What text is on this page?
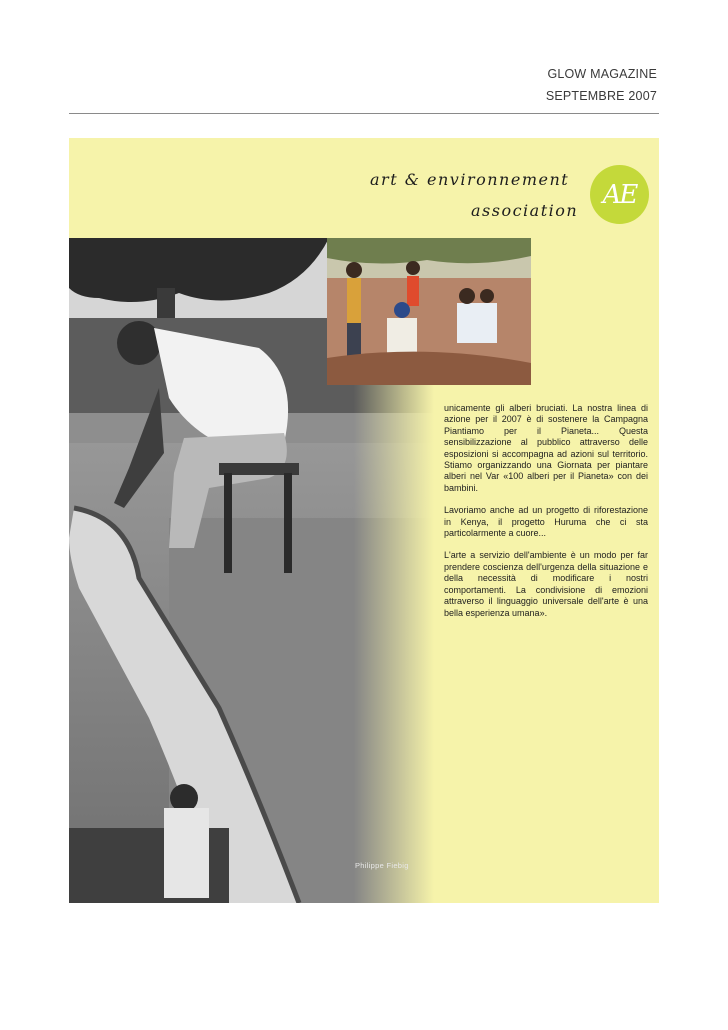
GLOW MAGAZINE
SEPTEMBRE 2007
art & environnement
association
AE
Philippe Fiebig

unicamente gli alberi bruciati. La nostra linea di azione per il 2007 è di sostenere la Campagna Piantiamo per il Pianeta... Questa sensibilizzazione al pubblico attraverso delle esposizioni si accompagna ad azioni sul territorio. Stiamo organizzando una Giornata per piantare alberi nel Var «100 alberi per il Pianeta» con dei bambini.

Lavoriamo anche ad un progetto di riforestazione in Kenya, il progetto Huruma che ci sta particolarmente a cuore...

L'arte a servizio dell'ambiente è un modo per far prendere coscienza dell'urgenza della situazione e della necessità di modificare i nostri comportamenti. La condivisione di emozioni attraverso il linguaggio universale dell'arte è una bella esperienza umana».
